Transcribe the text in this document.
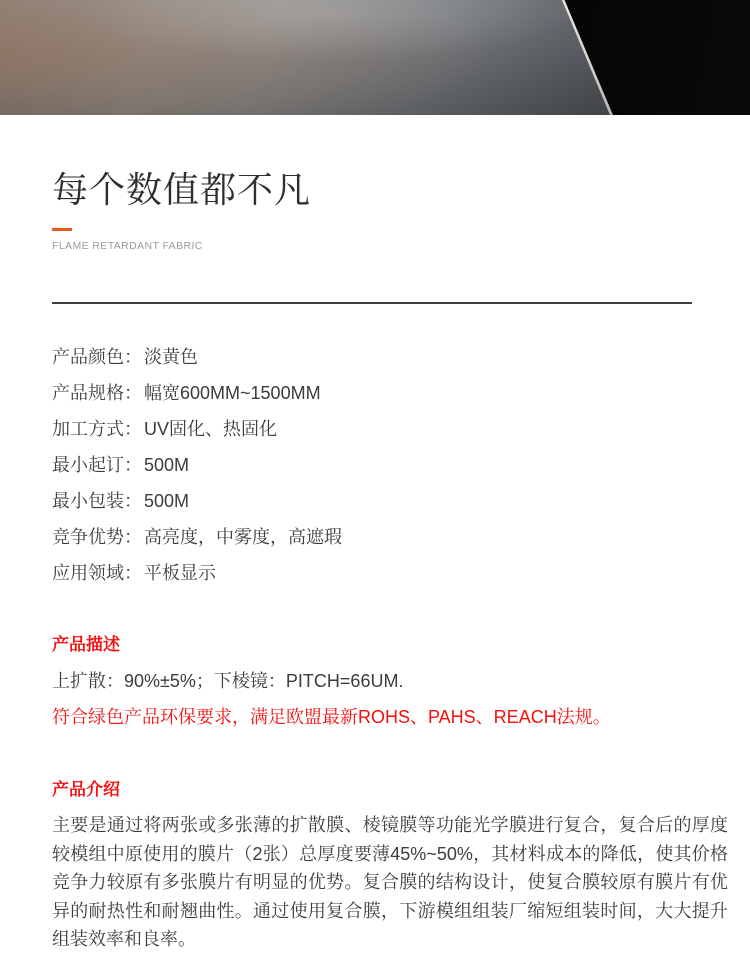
每个数值都不凡
FLAME RETARDANT FABRIC
产品颜色： 淡黄色
产品规格： 幅宽600MM~1500MM
加工方式： UV固化、热固化
最小起订： 500M
最小包装： 500M
竞争优势： 高亮度，中雾度，高遮瑕
应用领域： 平板显示
产品描述
上扩散：90%±5%；下棱镜：PITCH=66UM.
符合绿色产品环保要求，满足欧盟最新ROHS、PAHS、REACH法规。
产品介绍

主要是通过将两张或多张薄的扩散膜、棱镜膜等功能光学膜进行复合，复合后的厚度较模组中原使用的膜片（2张）总厚度要薄45%~50%，其材料成本的降低，使其价格竞争力较原有多张膜片有明显的优势。复合膜的结构设计，使复合膜较原有膜片有优异的耐热性和耐翘曲性。通过使用复合膜，下游模组组装厂缩短组装时间，大大提升组装效率和良率。
